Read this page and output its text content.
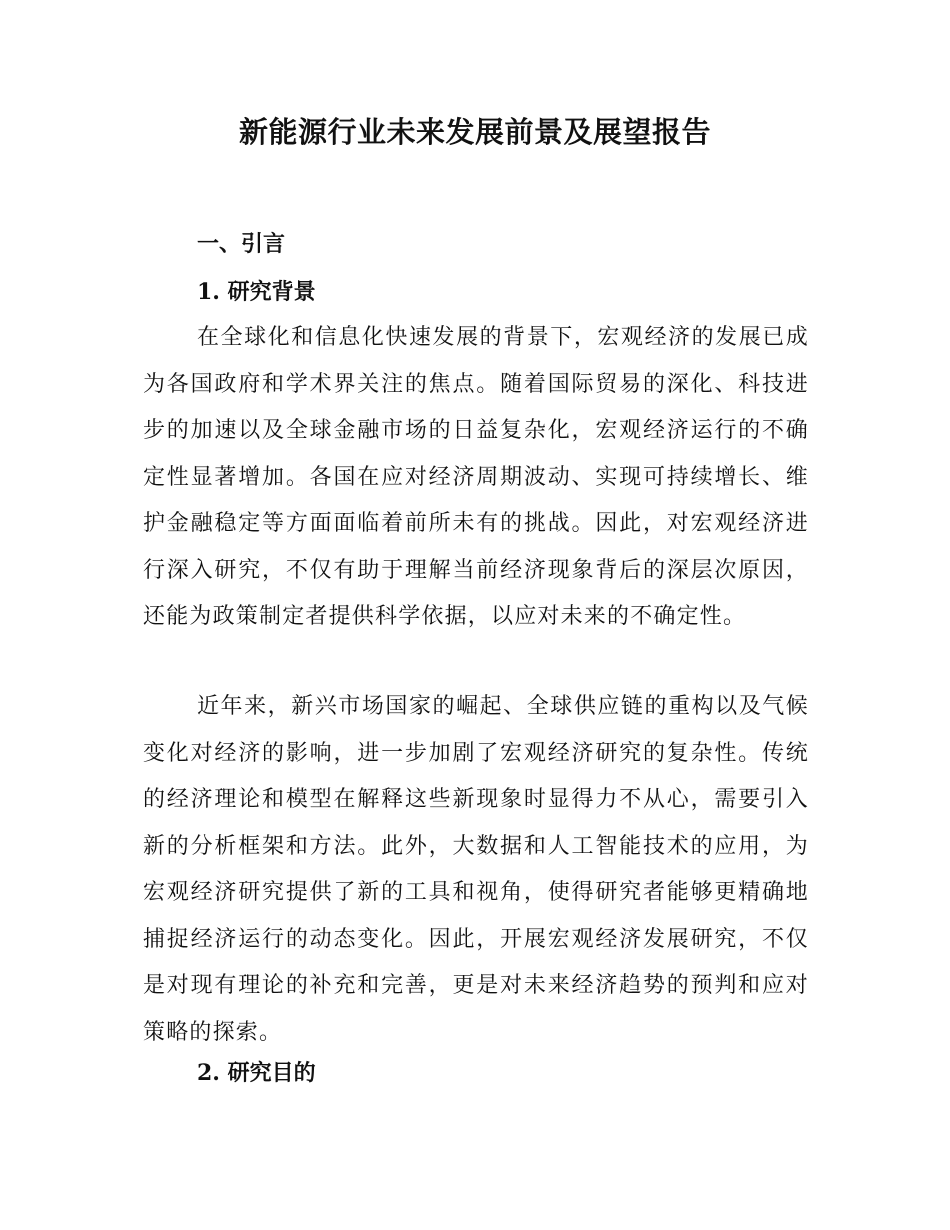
新能源行业未来发展前景及展望报告
一、引言
1. 研究背景

在全球化和信息化快速发展的背景下，宏观经济的发展已成为各国政府和学术界关注的焦点。随着国际贸易的深化、科技进步的加速以及全球金融市场的日益复杂化，宏观经济运行的不确定性显著增加。各国在应对经济周期波动、实现可持续增长、维护金融稳定等方面面临着前所未有的挑战。因此，对宏观经济进行深入研究，不仅有助于理解当前经济现象背后的深层次原因，还能为政策制定者提供科学依据，以应对未来的不确定性。

近年来，新兴市场国家的崛起、全球供应链的重构以及气候变化对经济的影响，进一步加剧了宏观经济研究的复杂性。传统的经济理论和模型在解释这些新现象时显得力不从心，需要引入新的分析框架和方法。此外，大数据和人工智能技术的应用，为宏观经济研究提供了新的工具和视角，使得研究者能够更精确地捕捉经济运行的动态变化。因此，开展宏观经济发展研究，不仅是对现有理论的补充和完善，更是对未来经济趋势的预判和应对策略的探索。

2. 研究目的
